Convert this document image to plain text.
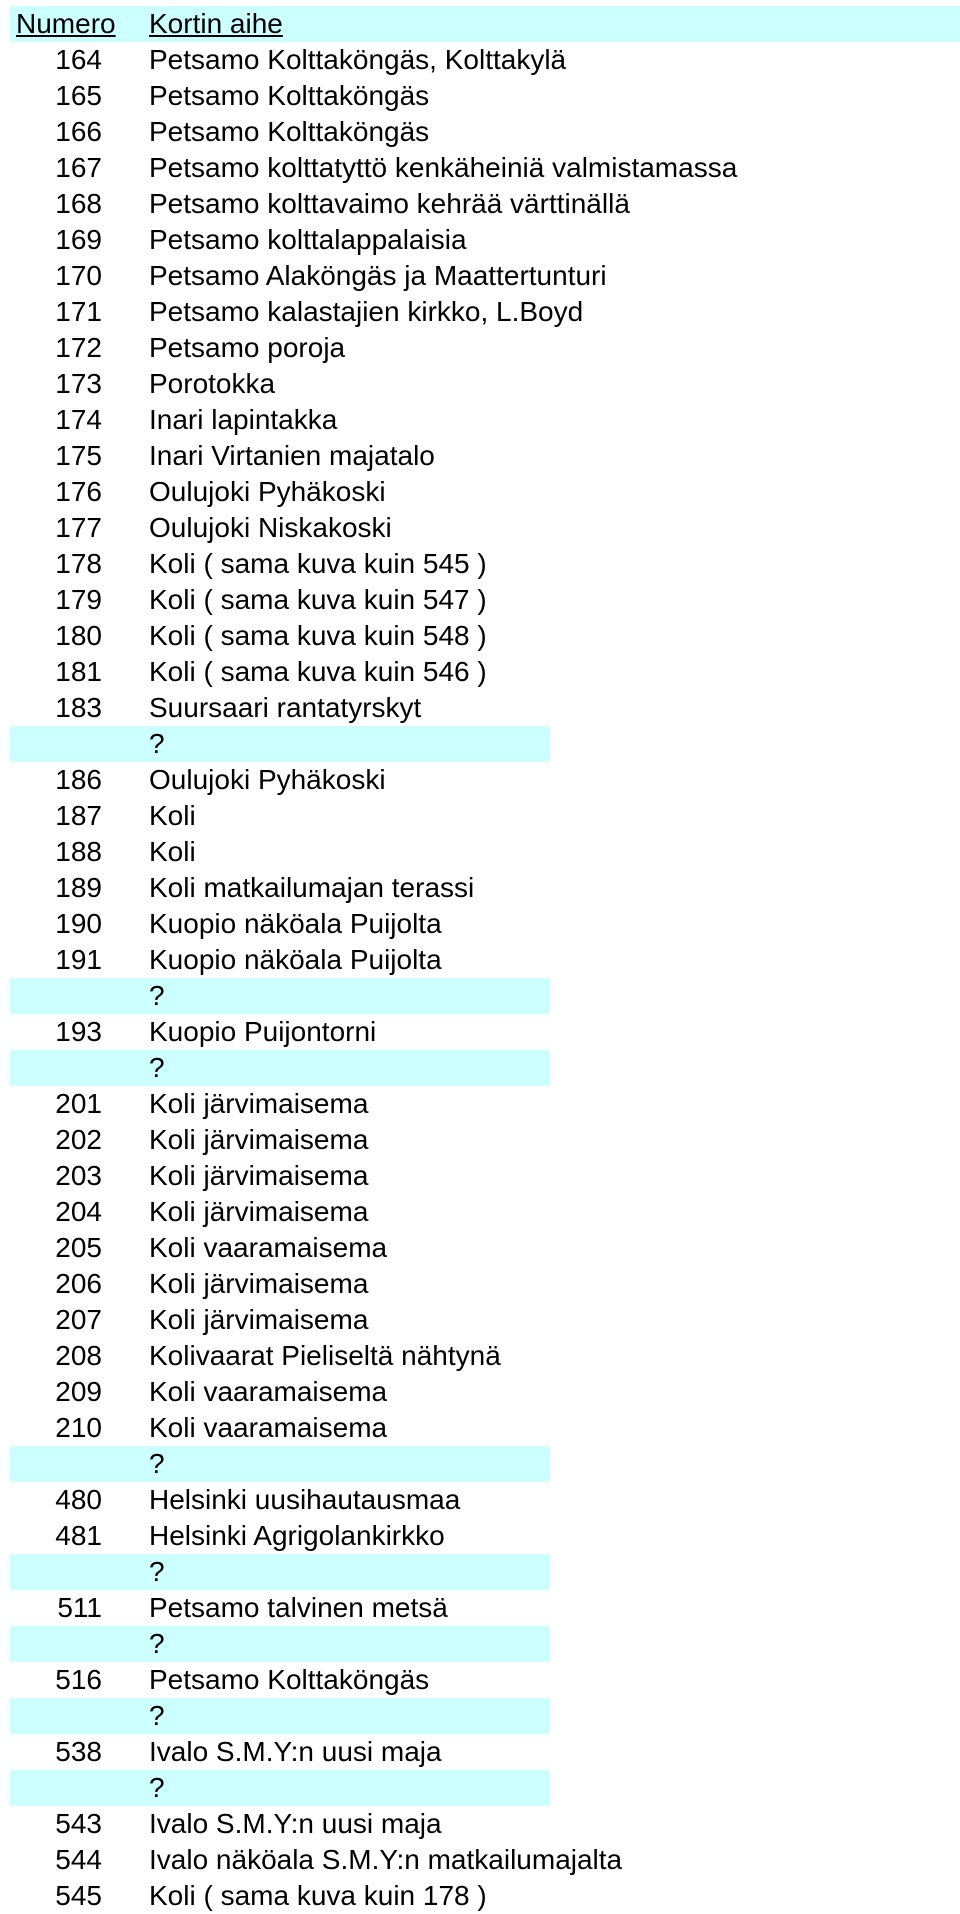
Numero Kortin aihe
164 Petsamo Kolttaköngäs, Kolttakylä
165 Petsamo Kolttaköngäs
166 Petsamo Kolttaköngäs
167 Petsamo kolttatyttö kenkäheiniä valmistamassa
168 Petsamo kolttavaimo kehrää värttinällä
169 Petsamo kolttalappalaisia
170 Petsamo Alaköngäs ja Maattertunturi
171 Petsamo kalastajien kirkko, L.Boyd
172 Petsamo poroja
173 Porotokka
174 Inari lapintakka
175 Inari Virtanien majatalo
176 Oulujoki Pyhäkoski
177 Oulujoki Niskakoski
178 Koli ( sama kuva kuin 545 )
179 Koli ( sama kuva kuin 547 )
180 Koli ( sama kuva kuin 548 )
181 Koli ( sama kuva kuin 546 )
183 Suursaari rantatyrskyt
?
186 Oulujoki Pyhäkoski
187 Koli
188 Koli
189 Koli matkailumajan terassi
190 Kuopio näköala Puijolta
191 Kuopio näköala Puijolta
?
193 Kuopio Puijontorni
?
201 Koli järvimaisema
202 Koli järvimaisema
203 Koli järvimaisema
204 Koli järvimaisema
205 Koli vaaramaisema
206 Koli järvimaisema
207 Koli järvimaisema
208 Kolivaarat Pieliseltä nähtynä
209 Koli vaaramaisema
210 Koli vaaramaisema
?
480 Helsinki uusihautausmaa
481 Helsinki Agrigolankirkko
?
511 Petsamo talvinen metsä
?
516 Petsamo Kolttaköngäs
?
538 Ivalo S.M.Y:n uusi maja
?
543 Ivalo S.M.Y:n uusi maja
544 Ivalo näköala S.M.Y:n matkailumajalta
545 Koli ( sama kuva kuin 178 )
